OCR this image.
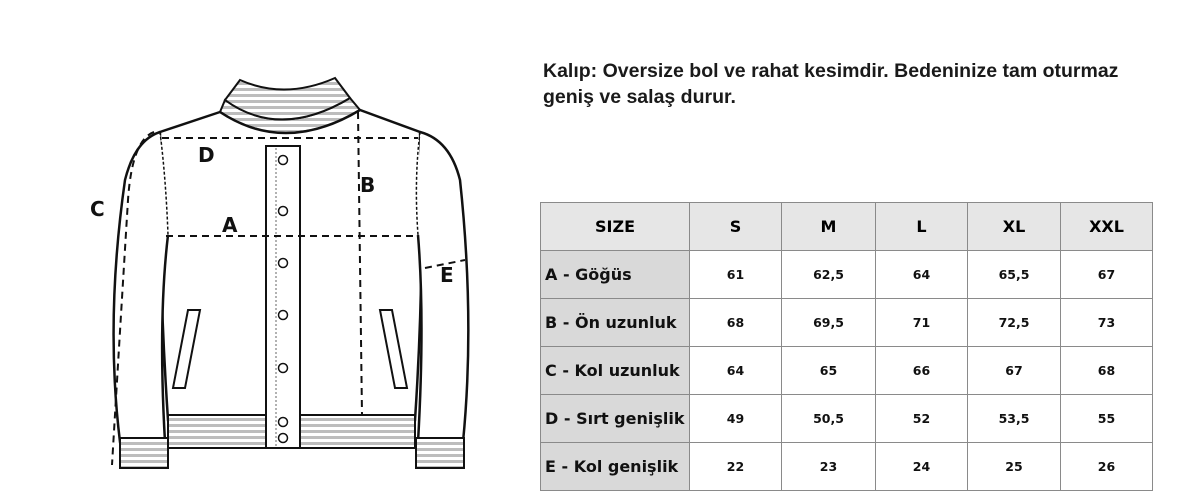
D
A
B
C
E
Kalıp: Oversize bol ve rahat kesimdir. Bedeninize tam oturmaz geniş ve salaş durur.
SIZE	S	M	L	XL	XXL
A - Göğüs	61	62,5	64	65,5	67
B - Ön uzunluk	68	69,5	71	72,5	73
C - Kol uzunluk	64	65	66	67	68
D - Sırt genişlik	49	50,5	52	53,5	55
E - Kol genişlik	22	23	24	25	26
